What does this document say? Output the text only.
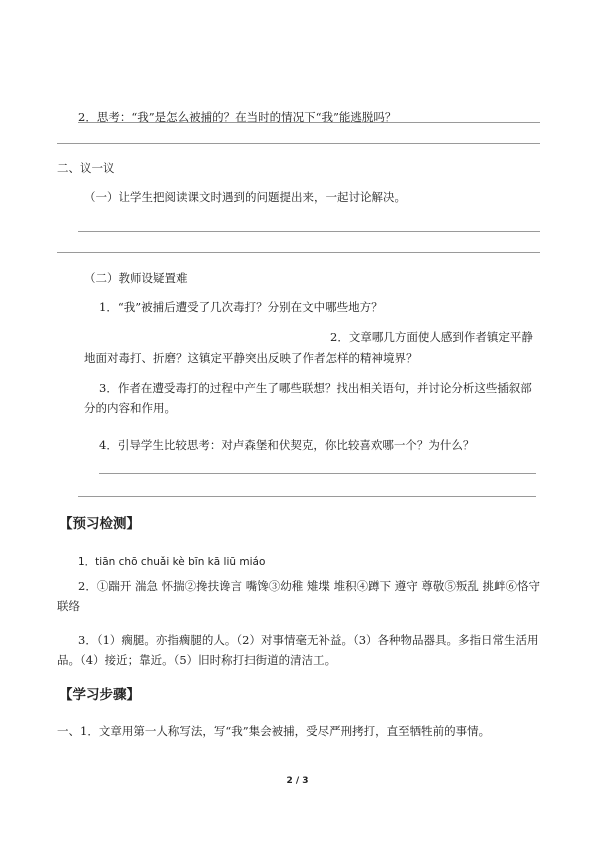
2．思考：“我”是怎么被捕的？在当时的情况下“我”能逃脱吗？
二、议一议
（一）让学生把阅读课文时遇到的问题提出来，一起讨论解决。
（二）教师设疑置难
1．“我”被捕后遭受了几次毒打？分别在文中哪些地方？
2．文章哪几方面使人感到作者镇定平静
地面对毒打、折磨？这镇定平静突出反映了作者怎样的精神境界？
3．作者在遭受毒打的过程中产生了哪些联想？找出相关语句，并讨论分析这些插叙部分的内容和作用。
4．引导学生比较思考：对卢森堡和伏契克，你比较喜欢哪一个？为什么？
【预习检测】
1．tiān chō chuǎi kè bīn kā liū miáo
2．①踹开 湍急 怀揣②搀扶谗言 嘴馋③幼稚 雉堞 堆积④蹲下 遵守 尊敬⑤叛乱 挑衅⑥恪守 联络
3．（1）瘸腿。亦指瘸腿的人。（2）对事情毫无补益。（3）各种物品器具。多指日常生活用品。（4）接近；靠近。（5）旧时称打扫街道的清洁工。
【学习步骤】
一、1．文章用第一人称写法，写“我”集会被捕，受尽严刑拷打，直至牺牲前的事情。
2 / 3
